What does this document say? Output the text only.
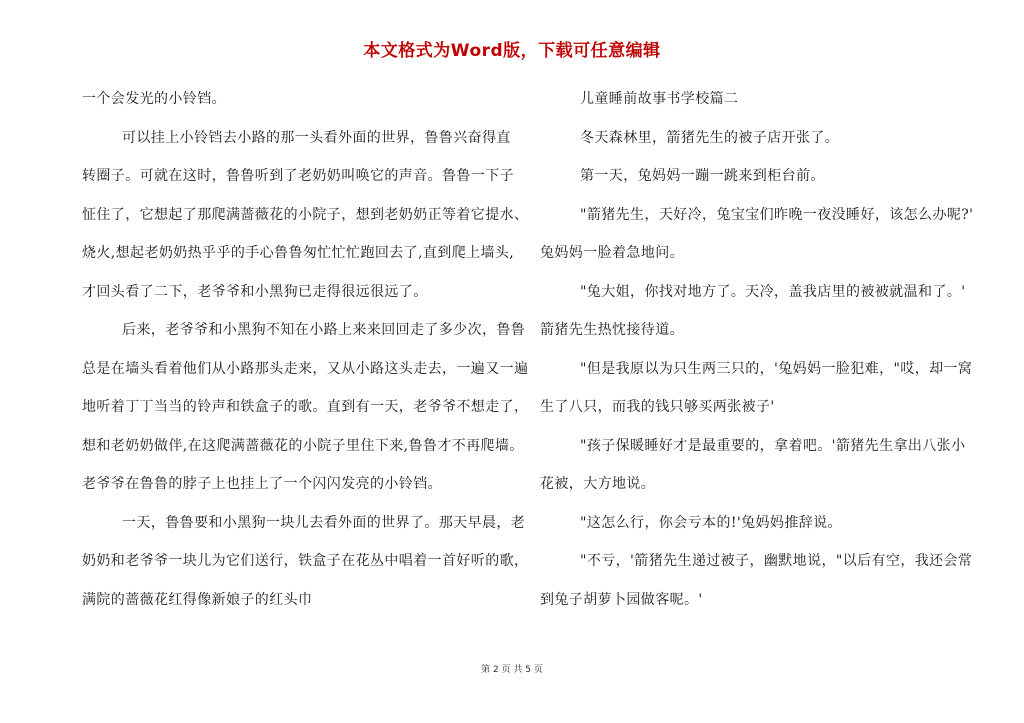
本文格式为Word版，下载可任意编辑
一个会发光的小铃铛。
可以挂上小铃铛去小路的那一头看外面的世界，鲁鲁兴奋得直
转圈子。可就在这时，鲁鲁听到了老奶奶叫唤它的声音。鲁鲁一下子
怔住了，它想起了那爬满蔷薇花的小院子，想到老奶奶正等着它提水、
烧火,想起老奶奶热乎乎的手心鲁鲁匆忙忙忙跑回去了,直到爬上墙头,
才回头看了二下，老爷爷和小黑狗已走得很远很远了。
后来，老爷爷和小黑狗不知在小路上来来回回走了多少次，鲁鲁
总是在墙头看着他们从小路那头走来，又从小路这头走去，一遍又一遍
地听着丁丁当当的铃声和铁盒子的歌。直到有一天，老爷爷不想走了，
想和老奶奶做伴,在这爬满蔷薇花的小院子里住下来,鲁鲁才不再爬墙。
老爷爷在鲁鲁的脖子上也挂上了一个闪闪发亮的小铃铛。
一天，鲁鲁要和小黑狗一块儿去看外面的世界了。那天早晨，老
奶奶和老爷爷一块儿为它们送行，铁盒子在花丛中唱着一首好听的歌，
满院的蔷薇花红得像新娘子的红头巾
儿童睡前故事书学校篇二
冬天森林里，箭猪先生的被子店开张了。
第一天，兔妈妈一蹦一跳来到柜台前。
"箭猪先生，天好冷，兔宝宝们昨晚一夜没睡好，该怎么办呢?'
兔妈妈一脸着急地问。
"兔大姐，你找对地方了。天冷，盖我店里的被被就温和了。'
箭猪先生热忱接待道。
"但是我原以为只生两三只的，'兔妈妈一脸犯难，"哎，却一窝
生了八只，而我的钱只够买两张被子'
"孩子保暖睡好才是最重要的，拿着吧。'箭猪先生拿出八张小
花被，大方地说。
"这怎么行，你会亏本的!'兔妈妈推辞说。
"不亏，'箭猪先生递过被子，幽默地说，"以后有空，我还会常
到兔子胡萝卜园做客呢。'
第 2 页 共 5 页
